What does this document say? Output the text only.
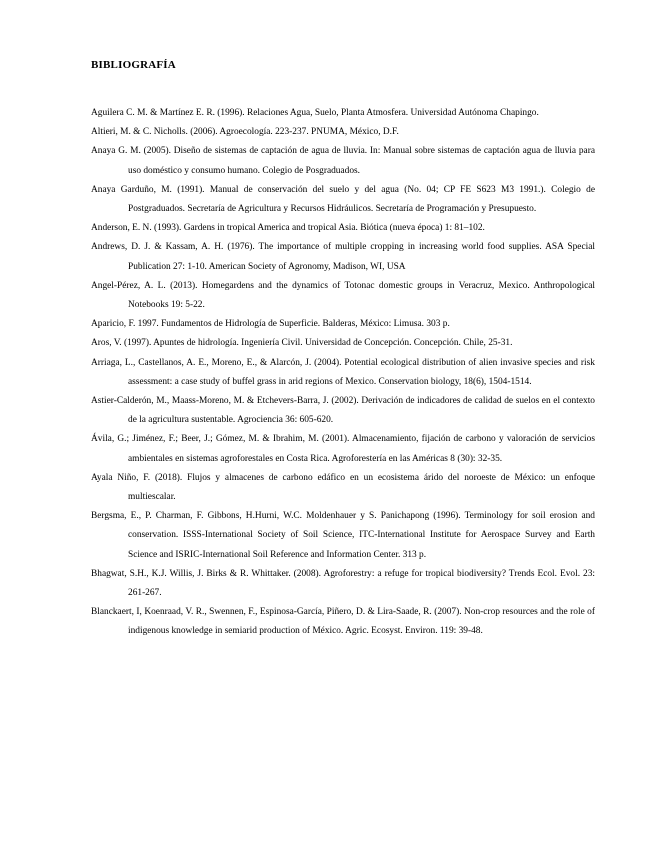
BIBLIOGRAFÍA
Aguilera C. M. & Martínez E. R. (1996). Relaciones Agua, Suelo, Planta Atmosfera. Universidad Autónoma Chapingo.
Altieri, M. & C. Nicholls. (2006). Agroecología. 223-237. PNUMA, México, D.F.
Anaya G. M. (2005). Diseño de sistemas de captación de agua de lluvia. In: Manual sobre sistemas de captación agua de lluvia para uso doméstico y consumo humano. Colegio de Posgraduados.
Anaya Garduño, M. (1991). Manual de conservación del suelo y del agua (No. 04; CP FE S623 M3 1991.). Colegio de Postgraduados. Secretaría de Agricultura y Recursos Hidráulicos. Secretaría de Programación y Presupuesto.
Anderson, E. N. (1993). Gardens in tropical America and tropical Asia. Biótica (nueva época) 1: 81–102.
Andrews, D. J. & Kassam, A. H. (1976). The importance of multiple cropping in increasing world food supplies. ASA Special Publication 27: 1-10. American Society of Agronomy, Madison, WI, USA
Angel-Pérez, A. L. (2013). Homegardens and the dynamics of Totonac domestic groups in Veracruz, Mexico. Anthropological Notebooks 19: 5-22.
Aparicio, F. 1997. Fundamentos de Hidrología de Superficie. Balderas, México: Limusa. 303 p.
Aros, V. (1997). Apuntes de hidrología. Ingeniería Civil. Universidad de Concepción. Concepción. Chile, 25-31.
Arriaga, L., Castellanos, A. E., Moreno, E., & Alarcón, J. (2004). Potential ecological distribution of alien invasive species and risk assessment: a case study of buffel grass in arid regions of Mexico. Conservation biology, 18(6), 1504-1514.
Astier-Calderón, M., Maass-Moreno, M. & Etchevers-Barra, J. (2002). Derivación de indicadores de calidad de suelos en el contexto de la agricultura sustentable. Agrociencia 36: 605-620.
Ávila, G.; Jiménez, F.; Beer, J.; Gómez, M. & Ibrahim, M. (2001). Almacenamiento, fijación de carbono y valoración de servicios ambientales en sistemas agroforestales en Costa Rica. Agroforestería en las Américas 8 (30): 32-35.
Ayala Niño, F. (2018). Flujos y almacenes de carbono edáfico en un ecosistema árido del noroeste de México: un enfoque multiescalar.
Bergsma, E., P. Charman, F. Gibbons, H.Hurni, W.C. Moldenhauer y S. Panichapong (1996). Terminology for soil erosion and conservation. ISSS-International Society of Soil Science, ITC-International Institute for Aerospace Survey and Earth Science and ISRIC-International Soil Reference and Information Center. 313 p.
Bhagwat, S.H., K.J. Willis, J. Birks & R. Whittaker. (2008). Agroforestry: a refuge for tropical biodiversity? Trends Ecol. Evol. 23: 261-267.
Blanckaert, I, Koenraad, V. R., Swennen, F., Espinosa-García, Piñero, D. & Lira-Saade, R. (2007). Non-crop resources and the role of indigenous knowledge in semiarid production of México. Agric. Ecosyst. Environ. 119: 39-48.
